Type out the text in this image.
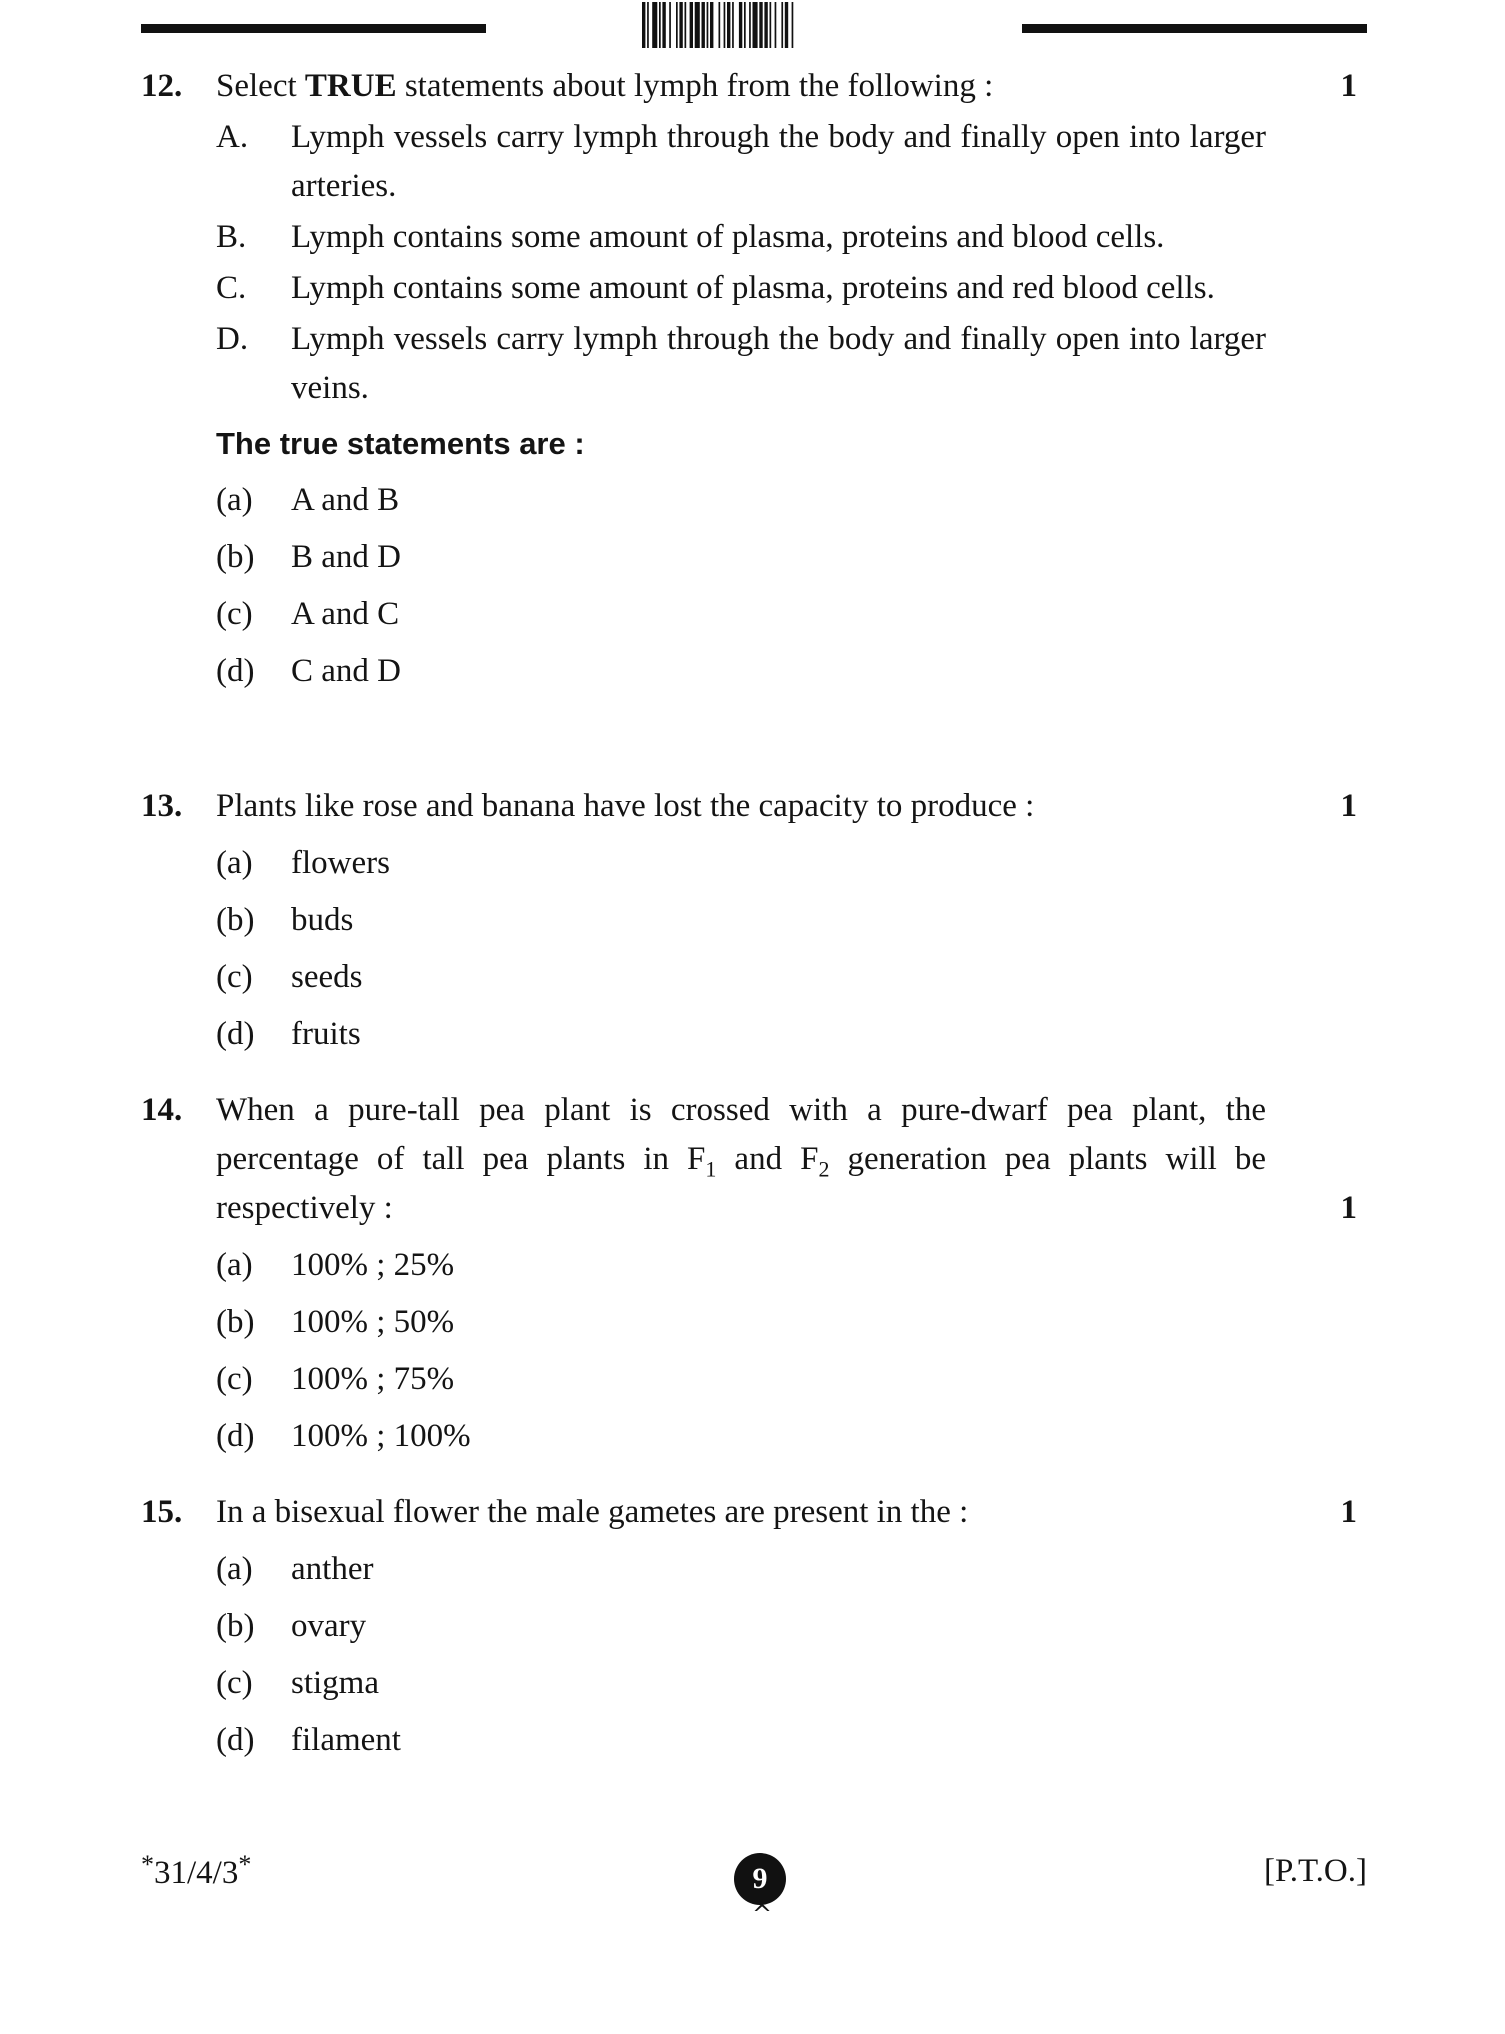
12.	Select TRUE statements about lymph from the following :	1
A.	Lymph vessels carry lymph through the body and finally open into larger arteries.
B.	Lymph contains some amount of plasma, proteins and blood cells.
C.	Lymph contains some amount of plasma, proteins and red blood cells.
D.	Lymph vessels carry lymph through the body and finally open into larger veins.
The true statements are :
(a)	A and B
(b)	B and D
(c)	A and C
(d)	C and D
13.	Plants like rose and banana have lost the capacity to produce :	1
(a)	flowers
(b)	buds
(c)	seeds
(d)	fruits
14.	When a pure-tall pea plant is crossed with a pure-dwarf pea plant, the percentage of tall pea plants in $F_1$ and $F_2$ generation pea plants will be respectively :	1
(a)	100% ; 25%
(b)	100% ; 50%
(c)	100% ; 75%
(d)	100% ; 100%
15.	In a bisexual flower the male gametes are present in the :	1
(a)	anther
(b)	ovary
(c)	stigma
(d)	filament
*31/4/3*	9
^
[P.T.O.]
